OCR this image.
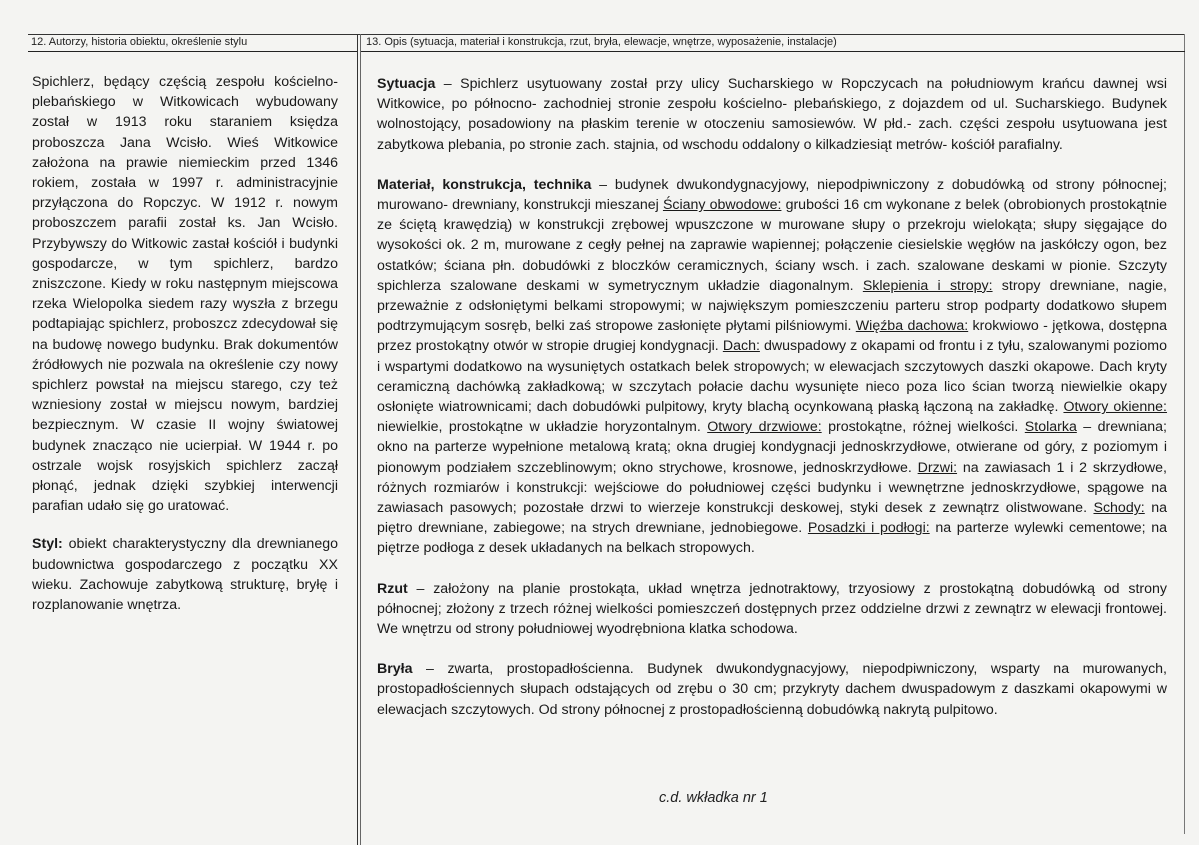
12. Autorzy, historia obiektu, określenie stylu	13. Opis (sytuacja, materiał i konstrukcja, rzut, bryła, elewacje, wnętrze, wyposażenie, instalacje)

Spichlerz, będący częścią zespołu kościelno- plebańskiego w Witkowicach wybudowany został w 1913 roku staraniem księdza proboszcza Jana Wcisło. Wieś Witkowice założona na prawie niemieckim przed 1346 rokiem, została w 1997 r. administracyjnie przyłączona do Ropczyc. W 1912 r. nowym proboszczem parafii został ks. Jan Wcisło. Przybywszy do Witkowic zastał kościół i budynki gospodarcze, w tym spichlerz, bardzo zniszczone. Kiedy w roku następnym miejscowa rzeka Wielopolka siedem razy wyszła z brzegu podtapiając spichlerz, proboszcz zdecydował się na budowę nowego budynku. Brak dokumentów źródłowych nie pozwala na określenie czy nowy spichlerz powstał na miejscu starego, czy też wzniesiony został w miejscu nowym, bardziej bezpiecznym. W czasie II wojny światowej budynek znacząco nie ucierpiał. W 1944 r. po ostrzale wojsk rosyjskich spichlerz zaczął płonąć, jednak dzięki szybkiej interwencji parafian udało się go uratować.

Styl: obiekt charakterystyczny dla drewnianego budownictwa gospodarczego z początku XX wieku. Zachowuje zabytkową strukturę, bryłę i rozplanowanie wnętrza.

Sytuacja – Spichlerz usytuowany został przy ulicy Sucharskiego w Ropczycach na południowym krańcu dawnej wsi Witkowice, po północno- zachodniej stronie zespołu kościelno- plebańskiego, z dojazdem od ul. Sucharskiego. Budynek wolnostojący, posadowiony na płaskim terenie w otoczeniu samosiewów. W płd.- zach. części zespołu usytuowana jest zabytkowa plebania, po stronie zach. stajnia, od wschodu oddalony o kilkadziesiąt metrów- kościół parafialny.

Materiał, konstrukcja, technika – budynek dwukondygnacyjowy, niepodpiwniczony z dobudówką od strony północnej; murowano- drewniany, konstrukcji mieszanej Ściany obwodowe: grubości 16 cm wykonane z belek (obrobionych prostokątnie ze ściętą krawędzią) w konstrukcji zrębowej wpuszczone w murowane słupy o przekroju wielokąta; słupy sięgające do wysokości ok. 2 m, murowane z cegły pełnej na zaprawie wapiennej; połączenie ciesielskie węgłów na jaskółczy ogon, bez ostatków; ściana płn. dobudówki z bloczków ceramicznych, ściany wsch. i zach. szalowane deskami w pionie. Szczyty spichlerza szalowane deskami w symetrycznym układzie diagonalnym. Sklepienia i stropy: stropy drewniane, nagie, przeważnie z odsłoniętymi belkami stropowymi; w największym pomieszczeniu parteru strop podparty dodatkowo słupem podtrzymującym sosręb, belki zaś stropowe zasłonięte płytami pilśniowymi. Więźba dachowa: krokwiowo - jętkowa, dostępna przez prostokątny otwór w stropie drugiej kondygnacji. Dach: dwuspadowy z okapami od frontu i z tyłu, szalowanymi poziomo i wspartymi dodatkowo na wysuniętych ostatkach belek stropowych; w elewacjach szczytowych daszki okapowe. Dach kryty ceramiczną dachówką zakładkową; w szczytach połacie dachu wysunięte nieco poza lico ścian tworzą niewielkie okapy osłonięte wiatrownicami; dach dobudówki pulpitowy, kryty blachą ocynkowaną płaską łączoną na zakładkę. Otwory okienne: niewielkie, prostokątne w układzie horyzontalnym. Otwory drzwiowe: prostokątne, różnej wielkości. Stolarka – drewniana; okno na parterze wypełnione metalową kratą; okna drugiej kondygnacji jednoskrzydłowe, otwierane od góry, z poziomym i pionowym podziałem szczeblinowym; okno strychowe, krosnowe, jednoskrzydłowe. Drzwi: na zawiasach 1 i 2 skrzydłowe, różnych rozmiarów i konstrukcji: wejściowe do południowej części budynku i wewnętrzne jednoskrzydłowe, spągowe na zawiasach pasowych; pozostałe drzwi to wierzeje konstrukcji deskowej, styki desek z zewnątrz olistwowane. Schody: na piętro drewniane, zabiegowe; na strych drewniane, jednobiegowe. Posadzki i podłogi: na parterze wylewki cementowe; na piętrze podłoga z desek układanych na belkach stropowych.

Rzut – założony na planie prostokąta, układ wnętrza jednotraktowy, trzyosiowy z prostokątną dobudówką od strony północnej; złożony z trzech różnej wielkości pomieszczeń dostępnych przez oddzielne drzwi z zewnątrz w elewacji frontowej. We wnętrzu od strony południowej wyodrębniona klatka schodowa.

Bryła – zwarta, prostopadłościenna. Budynek dwukondygnacyjowy, niepodpiwniczony, wsparty na murowanych, prostopadłościennych słupach odstających od zrębu o 30 cm; przykryty dachem dwuspadowym z daszkami okapowymi w elewacjach szczytowych. Od strony północnej z prostopadłościenną dobudówką nakrytą pulpitowo.

c.d. wkładka nr 1
